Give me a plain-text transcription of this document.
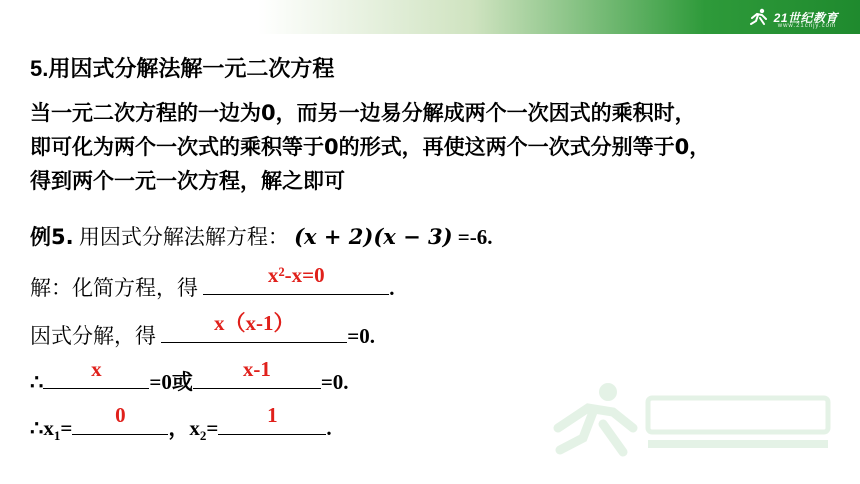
21世纪教育
www.21cnjy.com
5.用因式分解法解一元二次方程
当一元二次方程的一边为0，而另一边易分解成两个一次因式的乘积时，
即可化为两个一次式的乘积等于0的形式，再使这两个一次式分别等于0，
得到两个一元一次方程，解之即可
例5. 用因式分解法解方程： (x + 2)(x − 3) =-6.
解：化简方程，得
x²-x=0
.
因式分解，得
x（x-1）
=0.
∴
x
=0或
x-1
=0.
$\therefore x_1=$
0
，$x_2=$
1
.
